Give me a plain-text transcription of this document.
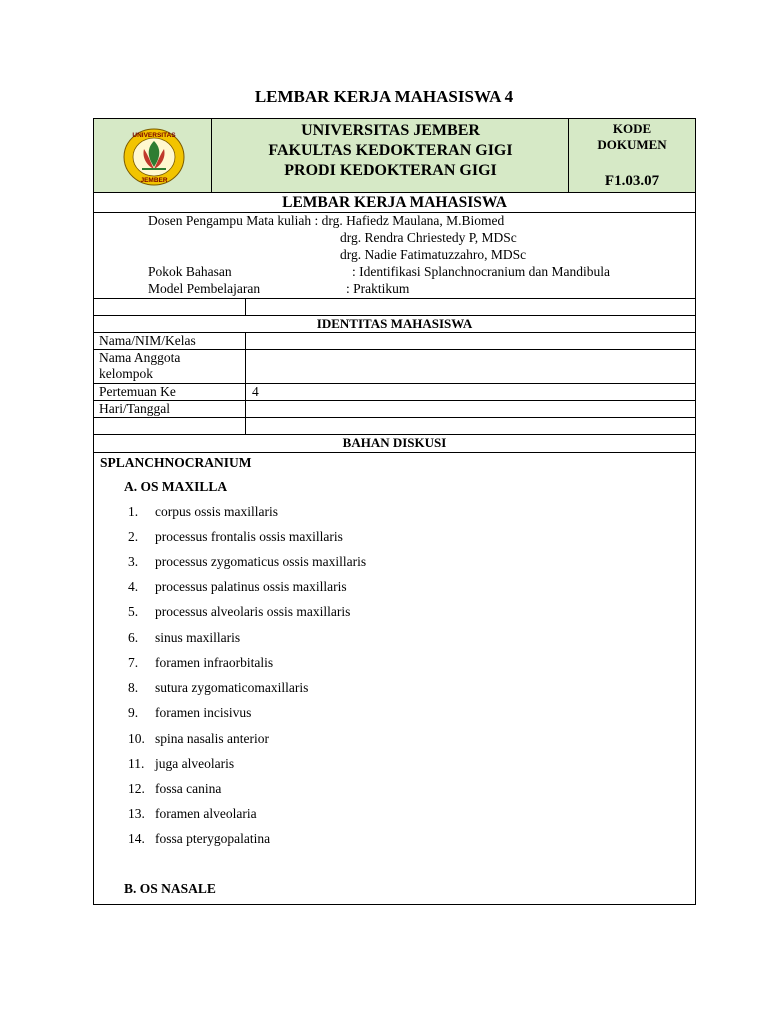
LEMBAR KERJA MAHASISWA 4
UNIVERSITAS
JEMBER
UNIVERSITAS JEMBER
FAKULTAS KEDOKTERAN GIGI
PRODI KEDOKTERAN GIGI
KODE
DOKUMEN
F1.03.07
LEMBAR KERJA MAHASISWA
Dosen Pengampu Mata kuliah : drg. Hafiedz Maulana, M.Biomed
drg. Rendra Chriestedy P, MDSc
drg. Nadie Fatimatuzzahro, MDSc
Pokok Bahasan	: Identifikasi Splanchnocranium dan Mandibula
Model Pembelajaran	: Praktikum
IDENTITAS MAHASISWA
Nama/NIM/Kelas
Nama Anggota
kelompok
Pertemuan Ke	4
Hari/Tanggal
BAHAN DISKUSI
SPLANCHNOCRANIUM
A. OS MAXILLA
1. corpus ossis maxillaris
2. processus frontalis ossis maxillaris
3. processus zygomaticus ossis maxillaris
4. processus palatinus ossis maxillaris
5. processus alveolaris ossis maxillaris
6. sinus maxillaris
7. foramen infraorbitalis
8. sutura zygomaticomaxillaris
9. foramen incisivus
10. spina nasalis anterior
11. juga alveolaris
12. fossa canina
13. foramen alveolaria
14. fossa pterygopalatina
B. OS NASALE
